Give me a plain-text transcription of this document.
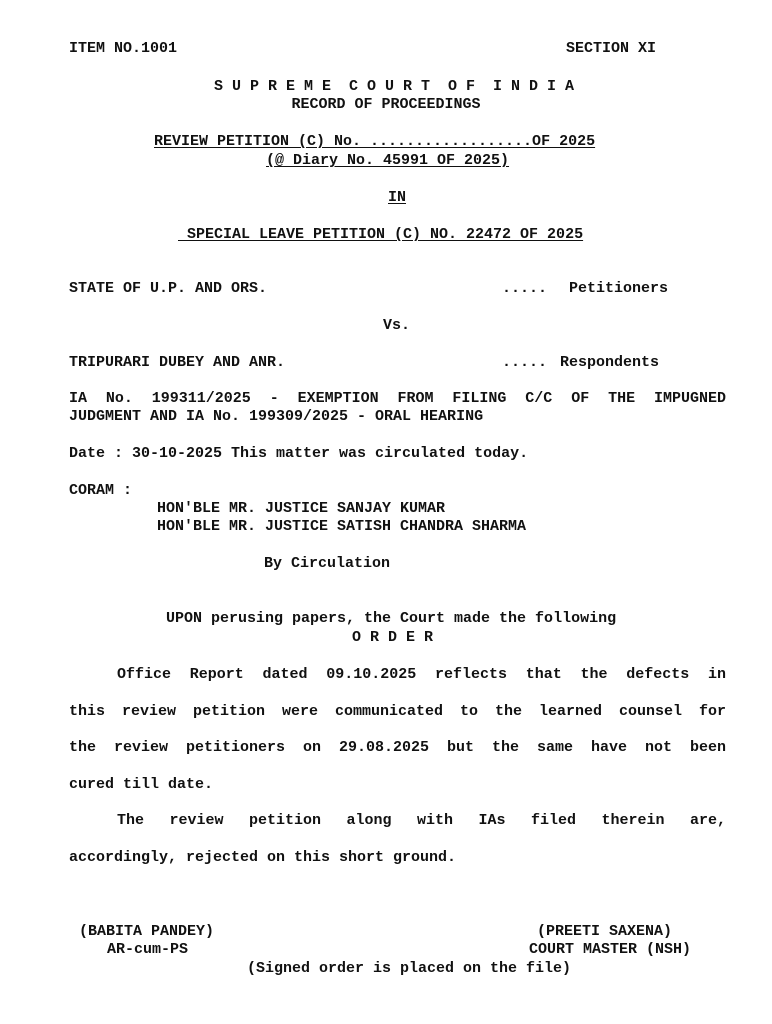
ITEM NO.1001	SECTION XI
S U P R E M E  C O U R T  O F  I N D I A
RECORD OF PROCEEDINGS
REVIEW PETITION (C) No. ..................OF 2025
(@ Diary No. 45991 OF 2025)
IN
SPECIAL LEAVE PETITION (C) NO. 22472 OF 2025
STATE OF U.P. AND ORS.	..... Petitioners
Vs.
TRIPURARI DUBEY AND ANR.	..... Respondents
IA No. 199311/2025 - EXEMPTION FROM FILING C/C OF THE IMPUGNED
JUDGMENT AND IA No. 199309/2025 - ORAL HEARING
Date : 30-10-2025 This matter was circulated today.
CORAM :
HON'BLE MR. JUSTICE SANJAY KUMAR
HON'BLE MR. JUSTICE SATISH CHANDRA SHARMA
By Circulation
UPON perusing papers, the Court made the following
O R D E R
Office Report dated 09.10.2025 reflects that the defects in
this review petition were communicated to the learned counsel for
the review petitioners on 29.08.2025 but the same have not been
cured till date.
The review petition along with IAs filed therein are,
accordingly, rejected on this short ground.
(BABITA PANDEY)
AR-cum-PS
(PREETI SAXENA)
COURT MASTER (NSH)
(Signed order is placed on the file)
